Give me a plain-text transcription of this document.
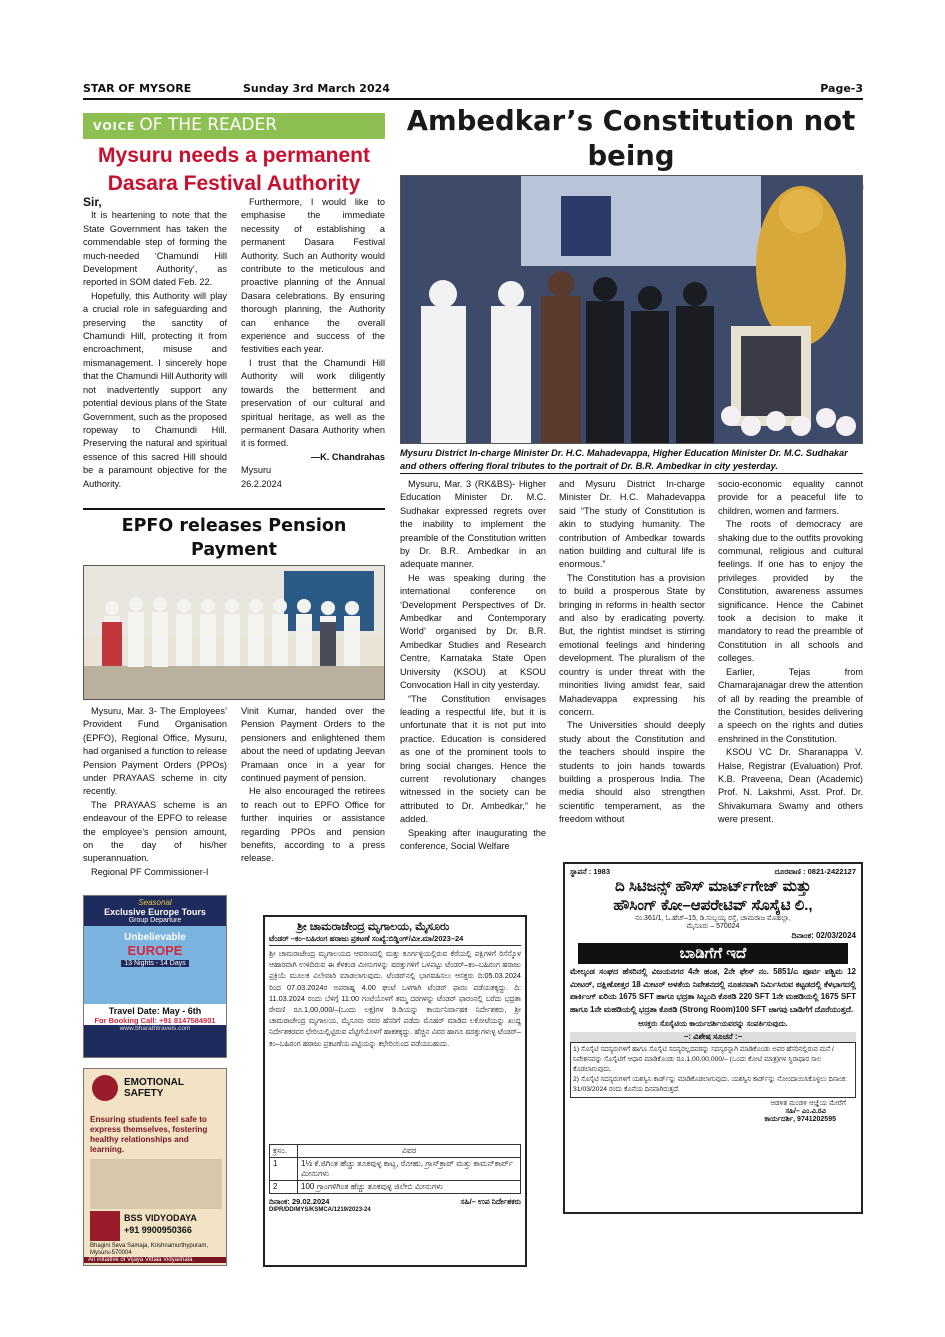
STAR OF MYSORE	Sunday 3rd March 2024	Page-3
VOICE OF THE READER
Mysuru needs a permanent
Dasara Festival Authority
Sir,

It is heartening to note that the State Government has taken the commendable step of forming the much-needed ‘Chamundi Hill Development Authority’, as reported in SOM dated Feb. 22.

Hopefully, this Authority will play a crucial role in safeguarding and preserving the sanctity of Chamundi Hill, protecting it from encroachment, misuse and mismanagement. I sincerely hope that the Chamundi Hill Authority will not inadvertently support any potential devious plans of the State Government, such as the proposed ropeway to Chamundi Hill. Preserving the natural and spiritual essence of this sacred Hill should be a paramount objective for the Authority.

Furthermore, I would like to emphasise the immediate necessity of establishing a permanent Dasara Festival Authority. Such an Authority would contribute to the meticulous and proactive planning of the Annual Dasara celebrations. By ensuring thorough planning, the Authority can enhance the overall experience and success of the festivities each year.

I trust that the Chamundi Hill Authority will work diligently towards the betterment and preservation of our cultural and spiritual heritage, as well as the permanent Dasara Authority when it is formed.

—K. Chandrahas
Mysuru
26.2.2024
EPFO releases Pension Payment

Mysuru, Mar. 3- The Employees’ Provident Fund Organisation (EPFO), Regional Office, Mysuru, had organised a function to release Pension Payment Orders (PPOs) under PRAYAAS scheme in city recently.

The PRAYAAS scheme is an endeavour of the EPFO to release the employee’s pension amount, on the day of his/her superannuation.

Regional PF Commissioner-I

Vinit Kumar, handed over the Pension Payment Orders to the pensioners and enlightened them about the need of updating Jeevan Pramaan once in a year for continued payment of pension.

He also encouraged the retirees to reach out to EPFO Office for further inquiries or assistance regarding PPOs and pension benefits, according to a press release.

Ambedkar’s Constitution not being
Mysuru District In-charge Minister Dr. H.C. Mahadevappa, Higher Education Minister Dr. M.C. Sudhakar and others offering floral tributes to the portrait of Dr. B.R. Ambedkar in city yesterday.

Mysuru, Mar. 3 (RK&BS)- Higher Education Minister Dr. M.C. Sudhakar expressed regrets over the inability to implement the preamble of the Constitution written by Dr. B.R. Ambedkar in an adequate manner.

He was speaking during the international conference on ‘Development Perspectives of Dr. Ambedkar and Contemporary World’ organised by Dr. B.R. Ambedkar Studies and Research Centre, Karnataka State Open University (KSOU) at KSOU Convocation Hall in city yesterday.

“The Constitution envisages leading a respectful life, but it is unfortunate that it is not put into practice. Education is considered as one of the prominent tools to bring social changes. Hence the current revolutionary changes witnessed in the society can be attributed to Dr. Ambedkar,” he added.

Speaking after inaugurating the conference, Social Welfare

and Mysuru District In-charge Minister Dr. H.C. Mahadevappa said “The study of Constitution is akin to studying humanity. The contribution of Ambedkar towards nation building and cultural life is enormous.”

The Constitution has a provision to build a prosperous State by bringing in reforms in health sector and also by eradicating poverty. But, the rightist mindset is stirring emotional feelings and hindering development. The pluralism of the country is under threat with the minorities living amidst fear, said Mahadevappa expressing his concern.

The Universities should deeply study about the Constitution and the teachers should inspire the students to join hands towards building a prosperous India. The media should also strengthen scientific temperament, as the freedom without

socio-economic equality cannot provide for a peaceful life to children, women and farmers.

The roots of democracy are shaking due to the outfits provoking communal, religious and cultural feelings. If one has to enjoy the privileges provided by the Constitution, awareness assumes significance. Hence the Cabinet took a decision to make it mandatory to read the preamble of Constitution in all schools and colleges.

Earlier, Tejas from Chamarajanagar drew the attention of all by reading the preamble of the Constitution, besides delivering a speech on the rights and duties enshrined in the Constitution.

KSOU VC Dr. Sharanappa V. Halse, Registrar (Evaluation) Prof. K.B. Praveena, Dean (Academic) Prof. N. Lakshmi, Asst. Prof. Dr. Shivakumara Swamy and others were present.

Seasonal
Exclusive Europe Tours
Group Departure
Unbelievable
EUROPE
13 Nights - 14 Days
Travel Date: May - 6th
For Booking Call: +91 8147584901
www.bharathtravels.com
EMOTIONAL
SAFETY
Ensuring students feel safe to express themselves, fostering healthy relationships and learning.
BSS VIDYODAYA
+91 9900950366
Bhagini Seva Samaja, Krishnamurthypuram,
Mysuru-570004
An initiative of Vijaya Vittala Vidyashala
ಶ್ರೀ ಚಾಮರಾಜೇಂದ್ರ ಮೃಗಾಲಯ, ಮೈಸೂರು
ಟೆಂಡರ್ –ಕಂ–ಬಹಿರಂಗ ಹರಾಜು ಪ್ರಕಟಣೆ ಸಂಖ್ಯೆ:ಬಿಡ್ಡಿಂಗ್/ಮೀ.ಮಾ/2023–24
ಶ್ರೀ ಚಾಮರಾಜೇಂದ್ರ ಮೃಗಾಲಯದ ಆವರಣದಲ್ಲಿ ಮತ್ತು ಕೂರ್ಗಳ್ಳಿಯಲ್ಲಿರುವ ಕೆರೆಯಲ್ಲಿ ಪಕ್ಷಿಗಳಿಗೆ ರಿಸೆನ್ಕೊಳ ಆಹಾರವಾಗಿ ಉಳಿದಿರುವ ಈ ಕೆಳಕಂಡ ಮೀನುಗಳನ್ನು ಷರತ್ತುಗಳಿಗೆ ಒಳಪಟ್ಟು ಟೆಂಡರ್–ಕಂ–ಬಹಿರಂಗ ಹರಾಜು ಪ್ರಕ್ರಿಯೆ ಮೂಲಕ ವಿಲೇವಾರಿ ಮಾಡಲಾಗುವುದು. ಟೆಂಡರ್‌ನಲ್ಲಿ ಭಾಗವಹಿಸಲು ಆಸಕ್ತರು ದಿ:05.03.2024 ರಿಂದ 07.03.2024ರ ಅಪರಾಹ್ನ 4.00 ಘಂಟೆ ಒಳಗಾಗಿ ಟೆಂಡರ್ ಫಾರಂ ಪಡೆಯತಕ್ಕದ್ದು. ದಿ: 11.03.2024 ರಂದು ಬೆಳಿಗ್ಗೆ 11:00 ಗಂಟೆಯೊಳಗೆ ತಮ್ಮ ದರಗಳನ್ನು ಟೆಂಡರ್ ಫಾರಂನಲ್ಲಿ ಬರೆದು ಭದ್ರತಾ ಠೇವಣಿ ರೂ.1,00,000/–(ಒಂದು ಲಕ್ಷ)ಗಳ ಡಿ.ಡಿಯನ್ನು ಕಾರ್ಯನಿರ್ವಾಹಕ ನಿರ್ದೇಶಕರು, ಶ್ರೀ ಚಾಮರಾಜೇಂದ್ರ ಮೃಗಾಲಯ, ಮೈಸೂರು ರವರ ಹೆಸರಿಗೆ ಪಡೆದು ಮೊಹರ್ ಮಾಡಿದ ಲಕೋಟೆಯನ್ನು ಖುದ್ದ ನಿರ್ದೇಶಕರವರ ಛೇರಿಯಲ್ಲಿಟ್ಟಿರುವ ಪೆಟ್ಟಿಗೆಯೊಳಗೆ ಹಾಕತಕ್ಕದ್ದು. ಹೆಚ್ಚಿನ ವಿವರ ಹಾಗೂ ಷರತ್ತುಗಳುಳ್ಳ ಟೆಂಡರ್–ಕಂ–ಬಹಿರಂಗ ಹರಾಜು ಪ್ರಕಟಣೆಯ ಪಟ್ಟಿಯನ್ನು ಕಛೇರಿಯಿಂದ ಪಡೆಯಬಹುದು.
ಕ್ರಸಂ.	ವಿವರ
1	1½ ಕೆ.ಜಿಗಿಂತ ಹೆಚ್ಚು ತೂಕವುಳ್ಳ ಕಾಟ್ಲ, ರೋಹು, ಗ್ರಾಸ್‌ಕ್ರಾಪ್ ಮತ್ತು ಕಾಮನ್‌ಕಾರ್ಪ್ ಮೀನುಗಳು
2	100 ಗ್ರಾಂಗಳಿಗಿಂತ ಹೆಚ್ಚು ತೂಕವುಳ್ಳ ಜಿಲೇಬಿ ಮೀನುಗಳು
ದಿನಾಂಕ: 29.02.2024	ಸಹಿ/– ಉಪ ನಿರ್ದೇಶಕರು
DIPR/DD/MYS/KSMCA/1219/2023-24
ಸ್ಥಾಪನೆ : 1983	ದೂರವಾಣಿ : 0821-2422127
ದಿ ಸಿಟಿಜನ್ಸ್ ಹೌಸ್ ಮಾರ್ಟ್‌ಗೇಜ್ ಮತ್ತು
ಹೌಸಿಂಗ್ ಕೋ–ಆಪರೇಟಿವ್ ಸೊಸೈಟಿ ಲಿ.,
ನಂ.361/1, ಓ.ಹೆಚ್–15, ಡಿ.ಸುಬ್ಬಯ್ಯ ರಸ್ತೆ, ಚಾಮರಾಜ ಮೊಹಲ್ಲಾ,
ಮೈಸೂರು – 570024
ದಿನಾಂಕ: 02/03/2024
ಬಾಡಿಗೆಗೆ ಇದೆ
ಮೇಲ್ಕಂಡ ಸಂಘದ ಹೆಸರಿನಲ್ಲಿ ವಿಜಯನಗರ 4ನೇ ಹಂತ, 2ನೇ ಫೇಸ್ ನಂ. 5851/ಎ ಪೂರ್ವ ಪಶ್ಚಿಮ 12 ಮೀಟರ್, ದಕ್ಷಿಣೋತ್ತರ 18 ಮೀಟರ್ ಅಳತೆಯ ನಿವೇಶನದಲ್ಲಿ ನೂತನವಾಗಿ ನಿರ್ಮಿಸಿರುವ ಕಟ್ಟಡದಲ್ಲಿ ಕೆಳಭಾಗದಲ್ಲಿ ಪಾರ್ಕಿಂಗ್ ಏರಿಯ 1675 SFT ಹಾಗೂ ಭದ್ರತಾ ಸಿಬ್ಬಂದಿ ಕೊಠಡಿ 220 SFT 1ನೇ ಮಹಡಿಯಲ್ಲಿ 1675 SFT ಹಾಗೂ 1ನೇ ಮಹಡಿಯಲ್ಲಿ ಭದ್ರತಾ ಕೊಠಡಿ (Strong Room)100 SFT ಜಾಗವು ಬಾಡಿಗೆಗೆ ದೊರೆಯುತ್ತದೆ.
ಆಸಕ್ತರು ಸೊಸೈಟಿಯ ಕಾರ್ಯದರ್ಶಿಯವರನ್ನು ಸಂಪರ್ಕಿಸುವುದು.
–: ವಿಶೇಷ ಸೂಚನೆ :–
1) ಸೊಸೈಟಿ ಸದಸ್ಯರುಗಳಿಗೆ ಹಾಗೂ ಸೊಸೈಟಿ ಸದಸ್ಯರಲ್ಲದವರನ್ನು ಸದಸ್ಯರನ್ನಾಗಿ ಮಾಡಿಕೊಂಡು ಅವರ ಹೆಸರಿನಲ್ಲಿರುವ ಮನೆ / ನಿವೇಶನವನ್ನು ಸೊಸೈಟಿಗೆ ಆಧಾರ ಮಾಡಿಕೊಂಡು ರೂ.1,00,00,000/– (ಒಂದು ಕೋಟಿ ಮಾತ್ರ)ಗಳ ಸ್ಥಿರಾಧಾರ ಸಾಲ ಕೊಡಲಾಗುವುದು.
2) ಸೊಸೈಟಿ ಸದಸ್ಯರುಗಳಿಗೆ ಯಶಸ್ವಿನಿ ಕಾರ್ಡ್‌ನ್ನು ಮಾಡಿಕೊಡಲಾಗುವುದು. ಯಶಸ್ವಿನಿ ಕಾರ್ಡ್‌ನ್ನು ನೋಂದಾಯಿಸಿಕೊಳ್ಳಲು ದಿನಾಂಕ: 31/03/2024 ರಂದು ಕೊನೆಯ ದಿನವಾಗಿರುತ್ತದೆ.
ಆಡಳಿತ ಮಂಡಳಿ ಆಜ್ಞೆಯ ಮೇರೆಗೆ
ಸಹಿ/– ಎಂ.ವಿ.ರವಿ
ಕಾರ್ಯದರ್ಶಿ, 9741202595
